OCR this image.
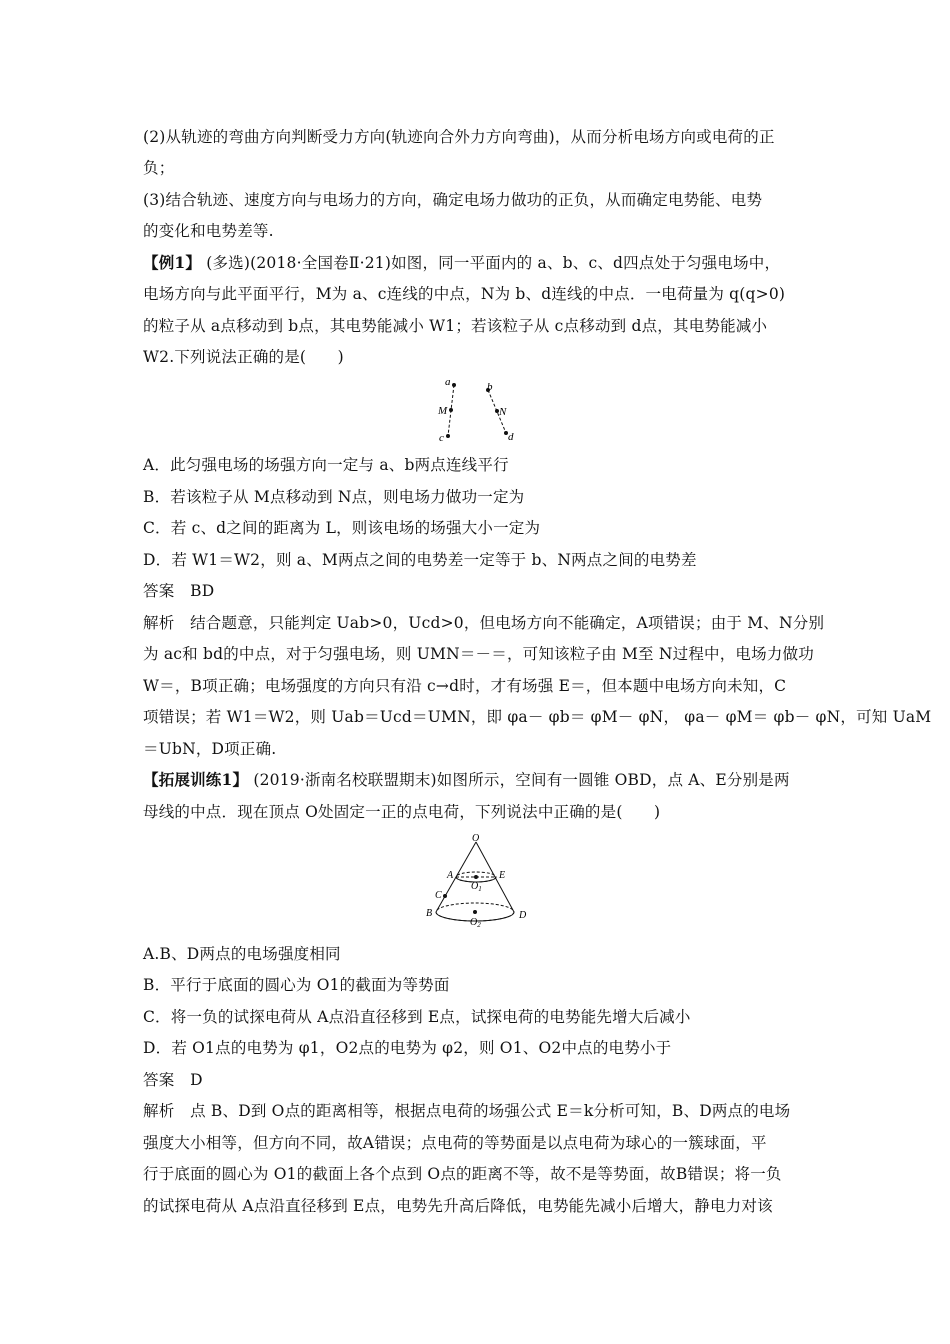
(2)从轨迹的弯曲方向判断受力方向(轨迹向合外力方向弯曲)，从而分析电场方向或电荷的正
负；
(3)结合轨迹、速度方向与电场力的方向，确定电场力做功的正负，从而确定电势能、电势
的变化和电势差等.
【例1】 (多选)(2018·全国卷Ⅱ·21)如图，同一平面内的 a、b、c、d四点处于匀强电场中，
电场方向与此平面平行，M为 a、c连线的中点，N为 b、d连线的中点．一电荷量为 q(q>0)
的粒子从 a点移动到 b点，其电势能减小 W1；若该粒子从 c点移动到 d点，其电势能减小
W2.下列说法正确的是(　　)
a
M
c
b
N
d
A．此匀强电场的场强方向一定与 a、b两点连线平行
B．若该粒子从 M点移动到 N点，则电场力做功一定为
C．若 c、d之间的距离为 L，则该电场的场强大小一定为
D．若 W1＝W2，则 a、M两点之间的电势差一定等于 b、N两点之间的电势差
答案　BD
解析　结合题意，只能判定 Uab>0，Ucd>0，但电场方向不能确定，A项错误；由于 M、N分别
为 ac和 bd的中点，对于匀强电场，则 UMN＝－＝，可知该粒子由 M至 N过程中，电场力做功
W＝，B项正确；电场强度的方向只有沿 c→d时，才有场强 E＝，但本题中电场方向未知，C
项错误；若 W1＝W2，则 Uab＝Ucd＝UMN，即 φa－ φb＝ φM－ φN， φa－ φM＝ φb－ φN，可知 UaM
＝UbN，D项正确.
【拓展训练1】 (2019·浙南名校联盟期末)如图所示，空间有一圆锥 OBD，点 A、E分别是两
母线的中点．现在顶点 O处固定一正的点电荷，下列说法中正确的是(　　)
O
A	E
$O_1$
C
B	D
$O_2$
A.B、D两点的电场强度相同
B．平行于底面的圆心为 O1的截面为等势面
C．将一负的试探电荷从 A点沿直径移到 E点，试探电荷的电势能先增大后减小
D．若 O1点的电势为 φ1，O2点的电势为 φ2，则 O1、O2中点的电势小于
答案　D
解析　点 B、D到 O点的距离相等，根据点电荷的场强公式 E＝k分析可知，B、D两点的电场
强度大小相等，但方向不同，故A错误；点电荷的等势面是以点电荷为球心的一簇球面，平
行于底面的圆心为 O1的截面上各个点到 O点的距离不等，故不是等势面，故B错误；将一负
的试探电荷从 A点沿直径移到 E点，电势先升高后降低，电势能先减小后增大，静电力对该
